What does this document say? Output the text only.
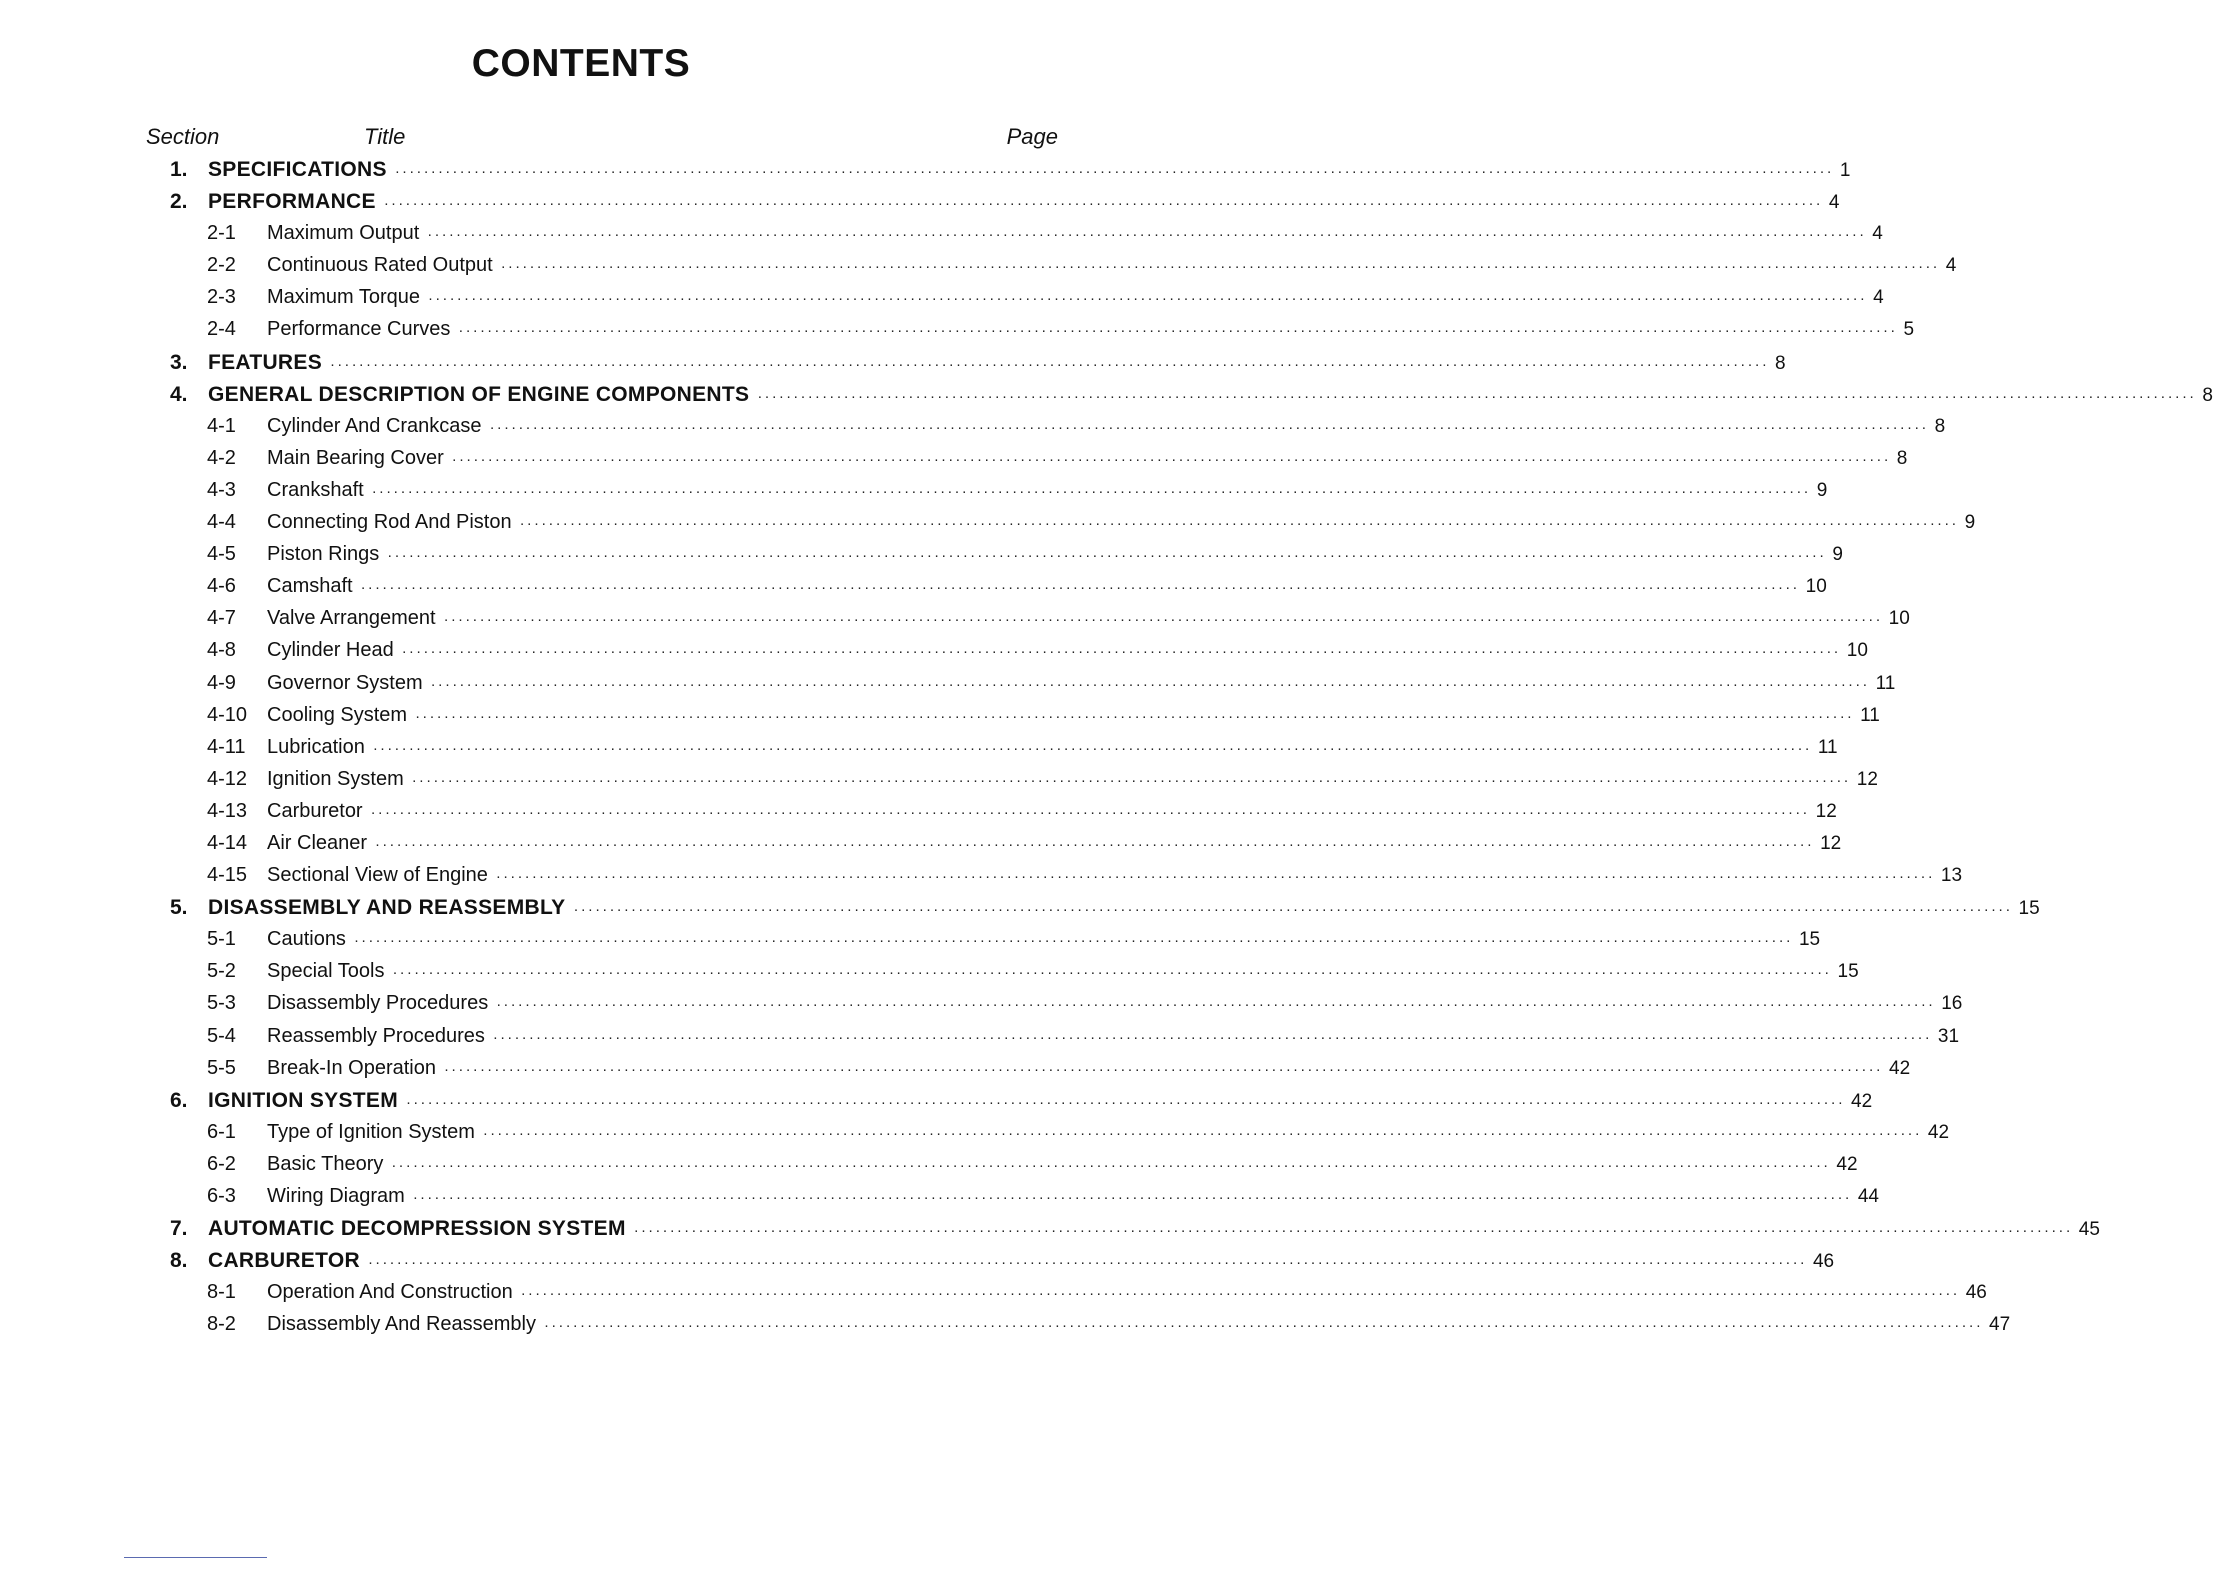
CONTENTS
Section	Title	Page
1. SPECIFICATIONS ········································································································································································································ 1
2. PERFORMANCE ········································································································································································································ 4
2-1	Maximum Output ········································································································································································································ 4
2-2	Continuous Rated Output ········································································································································································································ 4
2-3	Maximum Torque ········································································································································································································ 4
2-4	Performance Curves ········································································································································································································ 5
3. FEATURES ········································································································································································································ 8
4. GENERAL DESCRIPTION OF ENGINE COMPONENTS ········································································································································································································ 8
4-1	Cylinder And Crankcase ········································································································································································································ 8
4-2	Main Bearing Cover ········································································································································································································ 8
4-3	Crankshaft ········································································································································································································ 9
4-4	Connecting Rod And Piston ········································································································································································································ 9
4-5	Piston Rings ········································································································································································································ 9
4-6	Camshaft ········································································································································································································ 10
4-7	Valve Arrangement ········································································································································································································ 10
4-8	Cylinder Head ········································································································································································································ 10
4-9	Governor System ········································································································································································································ 11
4-10 Cooling System ········································································································································································································ 11
4-11	Lubrication ········································································································································································································ 11
4-12 Ignition System ········································································································································································································ 12
4-13 Carburetor ········································································································································································································ 12
4-14 Air Cleaner ········································································································································································································ 12
4-15 Sectional View of Engine ········································································································································································································ 13
5. DISASSEMBLY AND REASSEMBLY ········································································································································································································ 15
5-1	Cautions ········································································································································································································ 15
5-2	Special Tools ········································································································································································································ 15
5-3	Disassembly Procedures ········································································································································································································ 16
5-4	Reassembly Procedures ········································································································································································································ 31
5-5	Break-In Operation ········································································································································································································ 42
6. IGNITION SYSTEM ········································································································································································································ 42
6-1	Type of Ignition System ········································································································································································································ 42
6-2	Basic Theory ········································································································································································································ 42
6-3	Wiring Diagram ········································································································································································································ 44
7. AUTOMATIC DECOMPRESSION SYSTEM ········································································································································································································ 45
8. CARBURETOR ········································································································································································································ 46
8-1	Operation And Construction ········································································································································································································ 46
8-2	Disassembly And Reassembly ········································································································································································································ 47
